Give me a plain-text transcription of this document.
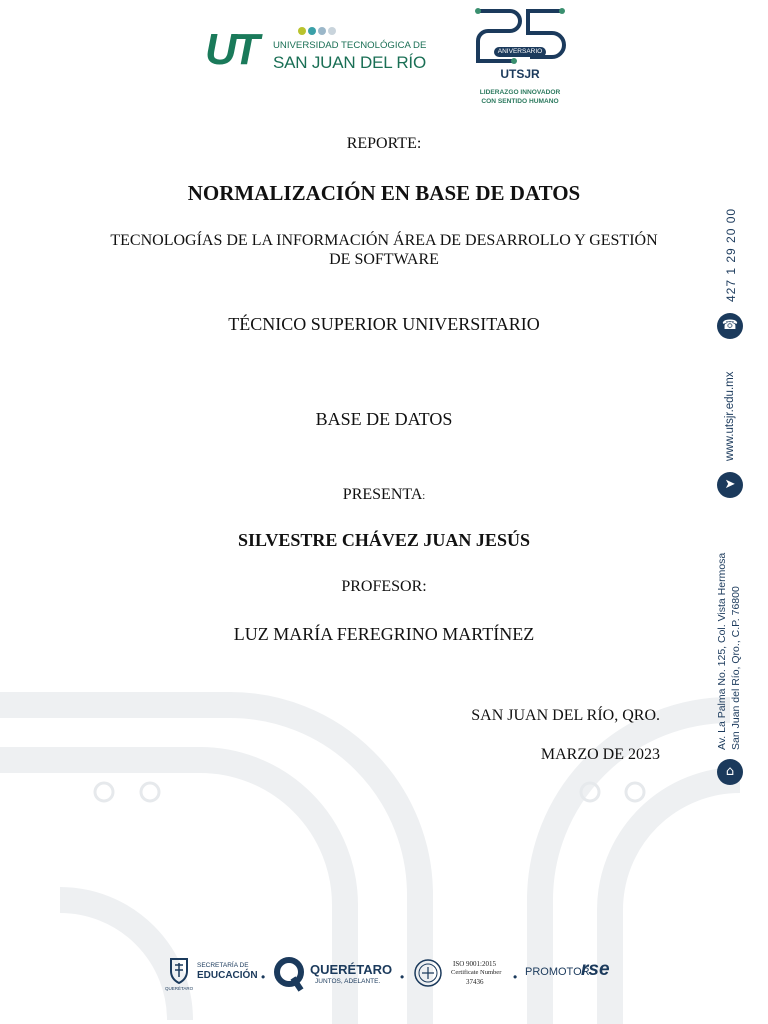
UT UNIVERSIDAD TECNOLÓGICA DE
SAN JUAN DEL RÍO
ANIVERSARIO
UTSJR
LIDERAZGO INNOVADOR
CON SENTIDO HUMANO
REPORTE:
NORMALIZACIÓN EN BASE DE DATOS
TECNOLOGÍAS DE LA INFORMACIÓN ÁREA DE DESARROLLO Y GESTIÓN DE SOFTWARE
TÉCNICO SUPERIOR UNIVERSITARIO
BASE DE DATOS
PRESENTA:
SILVESTRE CHÁVEZ JUAN JESÚS
PROFESOR:
LUZ MARÍA FEREGRINO MARTÍNEZ
SAN JUAN DEL RÍO, QRO.
MARZO DE 2023
427 1 29 20 00
☎
www.utsjr.edu.mx
➤
Av. La Palma No. 125, Col. Vista Hermosa San Juan del Río, Qro., C.P. 76800
⌂
SECRETARÍA DE
EDUCACIÓN
QUERÉTARO
•	QUERÉTARO
JUNTOS, ADELANTE. •
ISO 9001:2015
Certificate Number
37436 • PROMOTOR
rse
